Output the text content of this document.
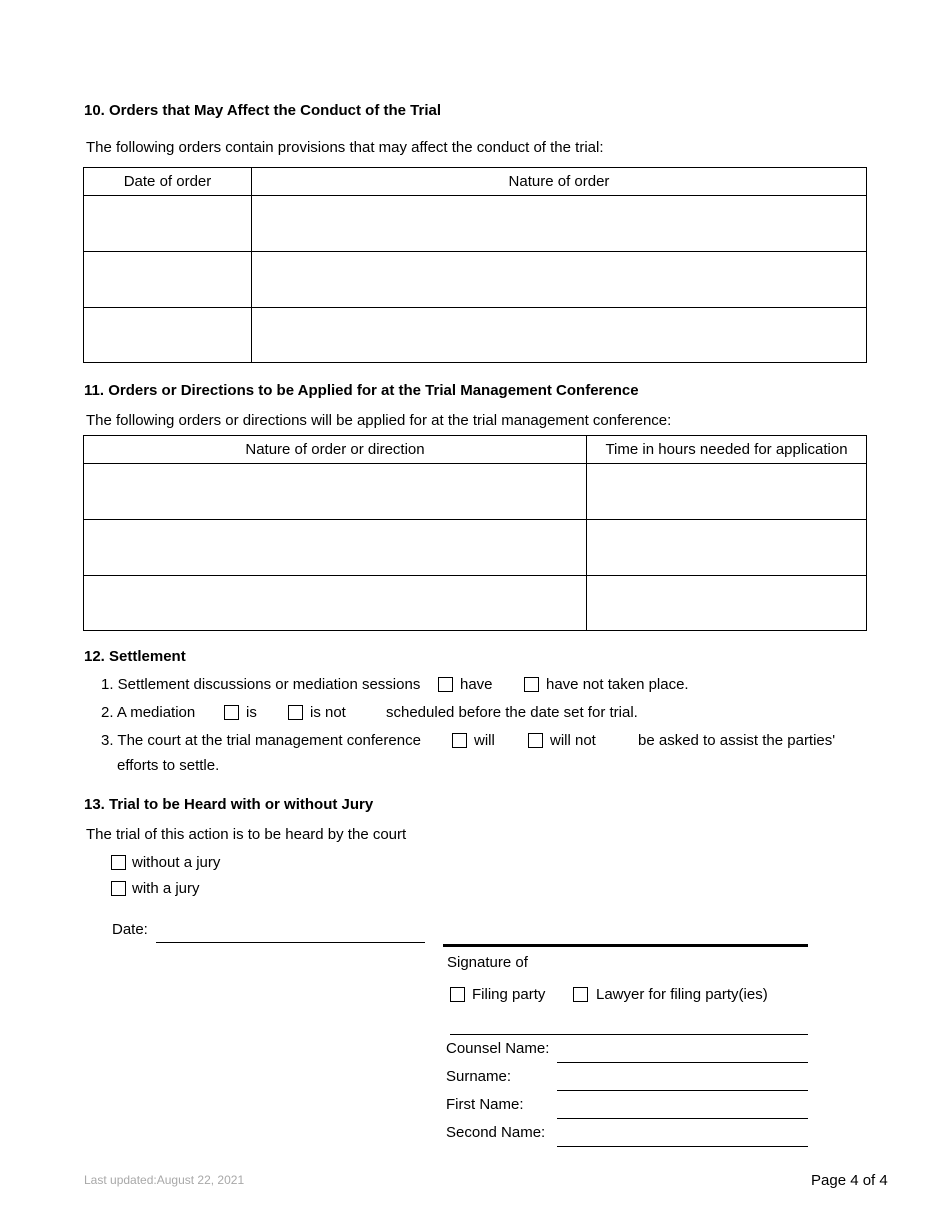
10. Orders that May Affect the Conduct of the Trial
The following orders contain provisions that may affect the conduct of the trial:
Date of order	Nature of order

11. Orders or Directions to be Applied for at the Trial Management Conference
The following orders or directions will be applied for at the trial management conference:
Nature of order or direction	Time in hours needed for application

12. Settlement
1. Settlement discussions or mediation sessions	have	have not taken place.
2. A mediation	is	is not	scheduled before the date set for trial.
3. The court at the trial management conference	will	will not	be asked to assist the parties'
efforts to settle.
13. Trial to be Heard with or without Jury
The trial of this action is to be heard by the court
without a jury
with a jury
Date:
Signature of
Filing party	Lawyer for filing party(ies)
Counsel Name:
Surname:
First Name:
Second Name:
Last updated:August 22, 2021	Page 4 of 4
